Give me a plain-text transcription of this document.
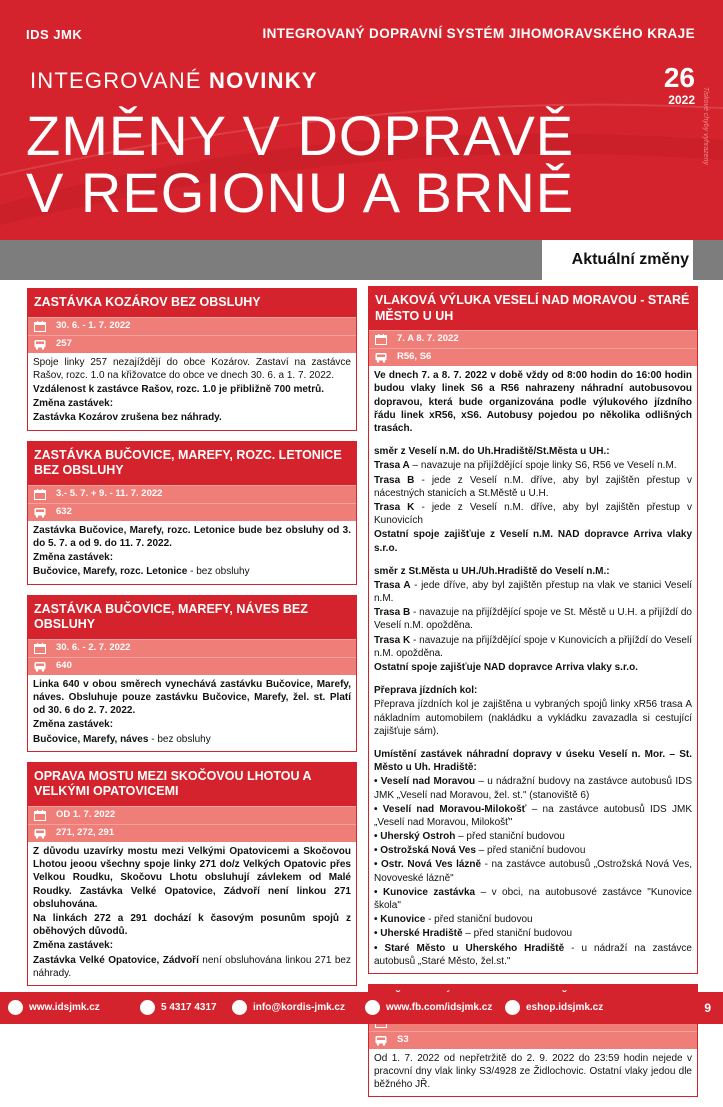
IDS JMK	INTEGROVANÝ DOPRAVNÍ SYSTÉM JIHOMORAVSKÉHO KRAJE
INTEGROVANÉ NOVINKY	26
2022
ZMĚNY V DOPRAVĚ
V REGIONU A BRNĚ
Tiskové chyby vyhrazeny
Aktuální změny
ZASTÁVKA KOZÁROV BEZ OBSLUHY
30. 6. - 1. 7. 2022
257

Spoje linky 257 nezajíždějí do obce Kozárov. Zastaví na zastávce Rašov, rozc. 1.0 na křižovatce do obce ve dnech 30. 6. a 1. 7. 2022.

Vzdálenost k zastávce Rašov, rozc. 1.0 je přibližně 700 metrů.

Změna zastávek:

Zastávka Kozárov zrušena bez náhrady.

ZASTÁVKA BUČOVICE, MAREFY, ROZC. LETONICE BEZ OBSLUHY
3.- 5. 7. + 9. - 11. 7. 2022
632

Zastávka Bučovice, Marefy, rozc. Letonice bude bez obsluhy od 3. do 5. 7. a od 9. do 11. 7. 2022.

Změna zastávek:

Bučovice, Marefy, rozc. Letonice - bez obsluhy

ZASTÁVKA BUČOVICE, MAREFY, NÁVES BEZ OBSLUHY
30. 6. - 2. 7. 2022
640

Linka 640 v obou směrech vynechává zastávku Bučovice, Marefy, náves. Obsluhuje pouze zastávku Bučovice, Marefy, žel. st. Platí od 30. 6 do 2. 7. 2022.

Změna zastávek:

Bučovice, Marefy, náves - bez obsluhy

OPRAVA MOSTU MEZI SKOČOVOU LHOTOU A VELKÝMI OPATOVICEMI
OD 1. 7. 2022
271, 272, 291

Z důvodu uzavírky mostu mezi Velkými Opatovicemi a Skočovou Lhotou jeoou všechny spoje linky 271 do/z Velkých Opatovic přes Velkou Roudku, Skočovu Lhotu obsluhují závlekem od Malé Roudky. Zastávka Velké Opatovice, Zádvoří není linkou 271 obsluhována.

Na linkách 272 a 291 dochází k časovým posunům spojů z oběhových důvodů.

Změna zastávek:

Zastávka Velké Opatovice, Zádvoří není obsluhována linkou 271 bez náhrady.

VLAKOVÁ VÝLUKA VESELÍ NAD MORAVOU - STARÉ MĚSTO U UH
7. A 8. 7. 2022
R56, S6

Ve dnech 7. a 8. 7. 2022 v době vždy od 8:00 hodin do 16:00 hodin budou vlaky linek S6 a R56 nahrazeny náhradní autobusovou dopravou, která bude organizována podle výlukového jízdního řádu linek xR56, xS6. Autobusy pojedou po několika odlišných trasách.

směr z Veselí n.M. do Uh.Hradiště/St.Města u UH.:

Trasa A – navazuje na přijíždějící spoje linky S6, R56 ve Veselí n.M.

Trasa B - jede z Veselí n.M. dříve, aby byl zajištěn přestup v nácestných stanicích a St.Městě u U.H.

Trasa K - jede z Veselí n.M. dříve, aby byl zajištěn přestup v Kunovicích

Ostatní spoje zajišťuje z Veselí n.M. NAD dopravce Arriva vlaky s.r.o.

směr z St.Města u UH./Uh.Hradiště do Veselí n.M.:

Trasa A - jede dříve, aby byl zajištěn přestup na vlak ve stanici Veselí n.M.

Trasa B - navazuje na přijíždějící spoje ve St. Městě u U.H. a přijíždí do Veselí n.M. opožděna.

Trasa K - navazuje na přijíždějící spoje v Kunovicích a přijíždí do Veselí n.M. opožděna.

Ostatní spoje zajišťuje NAD dopravce Arriva vlaky s.r.o.

Přeprava jízdních kol:

Přeprava jízdních kol je zajištěna u vybraných spojů linky xR56 trasa A nákladním automobilem (nakládku a vykládku zavazadla si cestující zajišťuje sám).

Umístění zastávek náhradní dopravy v úseku Veselí n. Mor. – St. Město u Uh. Hradiště:

• Veselí nad Moravou – u nádražní budovy na zastávce autobusů IDS JMK „Veselí nad Moravou, žel. st." (stanoviště 6)

• Veselí nad Moravou-Milokošť – na zastávce autobusů IDS JMK „Veselí nad Moravou, Milokošť"

• Uherský Ostroh – před staniční budovou

• Ostrožská Nová Ves – před staniční budovou

• Ostr. Nová Ves lázně - na zastávce autobusů „Ostrožská Nová Ves, Novoveské lázně"

• Kunovice zastávka – v obci, na autobusové zastávce "Kunovice škola"

• Kunovice - před staniční budovou

• Uherské Hradiště – před staniční budovou

• Staré Město u Uherského Hradiště - u nádraží na zastávce autobusů „Staré Město, žel.st."

S3

Od 1. 7. 2022 od nepřetržitě do 2. 9. 2022 do 23:59 hodin nejede v pracovní dny vlak linky S3/4928 ze Židlochovic. Ostatní vlaky jedou dle běžného JŘ.

www.idsjmk.cz	5 4317 4317	info@kordis-jmk.cz	www.fb.com/idsjmk.cz	eshop.idsjmk.cz	9
